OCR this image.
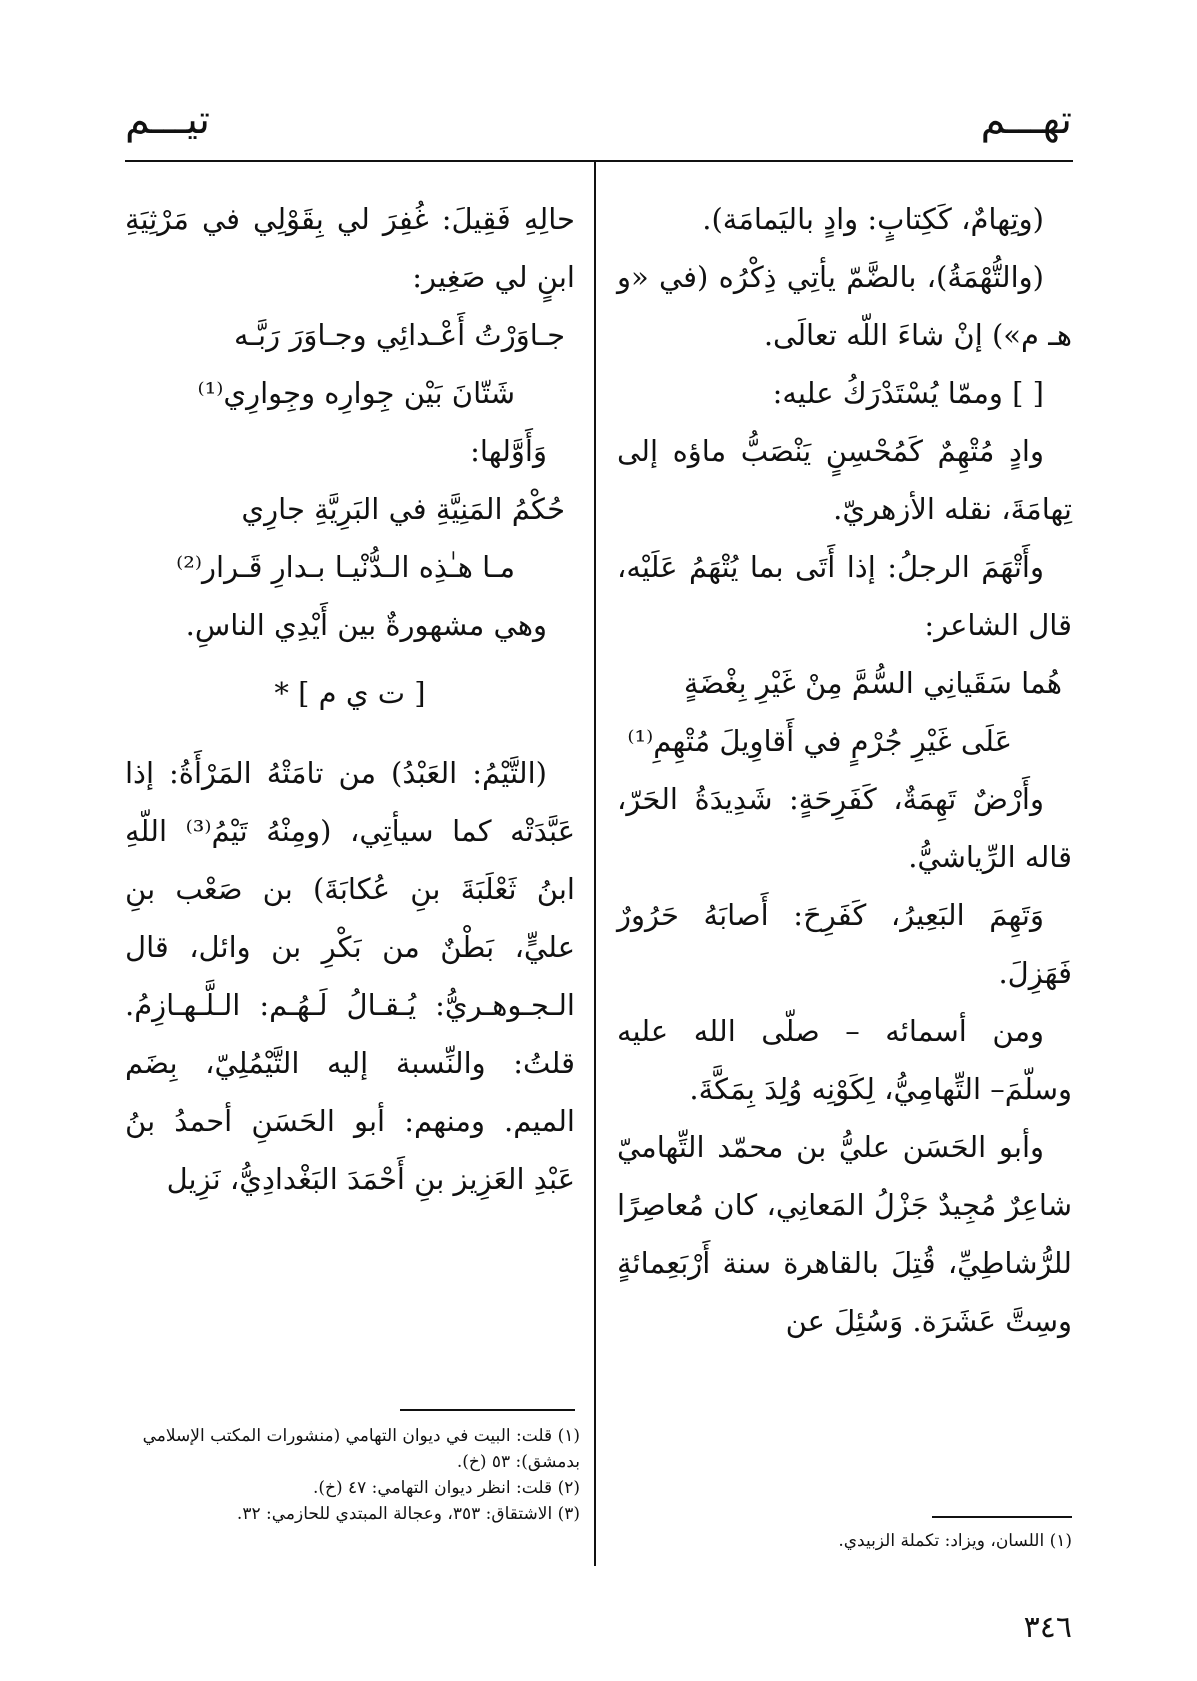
تهـــم
تيـــم

(وتِهامٌ، كَكِتابٍ: وادٍ باليَمامَة).

(والتُّهْمَةُ)، بالضَّمّ يأتِي ذِكْرُه (في «و هـ م») إنْ شاءَ اللّه تعالَى.

[ ] وممّا يُسْتَدْرَكُ عليه:

وادٍ مُتْهِمٌ كَمُحْسِنٍ يَنْصَبُّ ماؤه إلى تِهامَةَ، نقله الأزهريّ.

وأَتْهَمَ الرجلُ: إذا أَتَى بما يُتْهَمُ عَلَيْه، قال الشاعر:

هُما سَقَيانِي السُّمَّ مِنْ غَيْرِ بِغْضَةٍ

عَلَى غَيْرِ جُرْمٍ في أَقاوِيلَ مُتْهِمِ⁽¹⁾

وأَرْضٌ تَهِمَةٌ، كَفَرِحَةٍ: شَدِيدَةُ الحَرّ، قاله الرِّياشيُّ.

وَتَهِمَ البَعِيرُ، كَفَرِحَ: أَصابَهُ حَرُورٌ فَهَزِلَ.

ومن أسمائه – صلّى الله عليه وسلّمَ– التِّهامِيُّ، لِكَوْنِه وُلِدَ بِمَكَّةَ.

وأبو الحَسَن عليُّ بن محمّد التِّهاميّ شاعِرٌ مُجِيدٌ جَزْلُ المَعانِي، كان مُعاصِرًا للرُّشاطِيِّ، قُتِلَ بالقاهرة سنة أَرْبَعِمائةٍ وسِتَّ عَشَرَة. وَسُئِلَ عن

حالِهِ فَقِيلَ: غُفِرَ لي بِقَوْلِي في مَرْثِيَةِ ابنٍ لي صَغِير:

جـاوَرْتُ أَعْـدائِي وجـاوَرَ رَبَّـه

شَتّانَ بَيْن جِوارِه وجِوارِي⁽¹⁾

وَأَوَّلها:

حُكْمُ المَنِيَّةِ في البَرِيَّةِ جارِي

مـا هـٰذِه الـدُّنْيـا بـدارِ قَـرار⁽²⁾

وهي مشهورةٌ بين أَيْدِي الناسِ.

[ ت ي م ] *

(التَّيْمُ: العَبْدُ) من تامَتْهُ المَرْأَةُ: إذا عَبَّدَتْه كما سيأتِي، (ومِنْهُ تَيْمُ⁽³⁾ اللّهِ ابنُ ثَعْلَبَةَ بنِ عُكابَةَ) بن صَعْب بنِ عليٍّ، بَطْنٌ من بَكْرِ بن وائل، قال الـجـوهـريُّ: يُـقـالُ لَـهُـم: الـلَّـهـازِمُ. قلتُ: والنِّسبة إليه التَّيْمُلِيّ، بِضَم الميم. ومنهم: أبو الحَسَنِ أحمدُ بنُ عَبْدِ العَزِيز بنِ أَحْمَدَ البَغْدادِيُّ، نَزِيل

(١) اللسان، ويزاد: تكملة الزبيدي.

(١) قلت: البيت في ديوان التهامي (منشورات المكتب الإسلامي بدمشق): ٥٣ (خ).

(٢) قلت: انظر ديوان التهامي: ٤٧ (خ).

(٣) الاشتقاق: ٣٥٣، وعجالة المبتدي للحازمي: ٣٢.

٣٤٦
